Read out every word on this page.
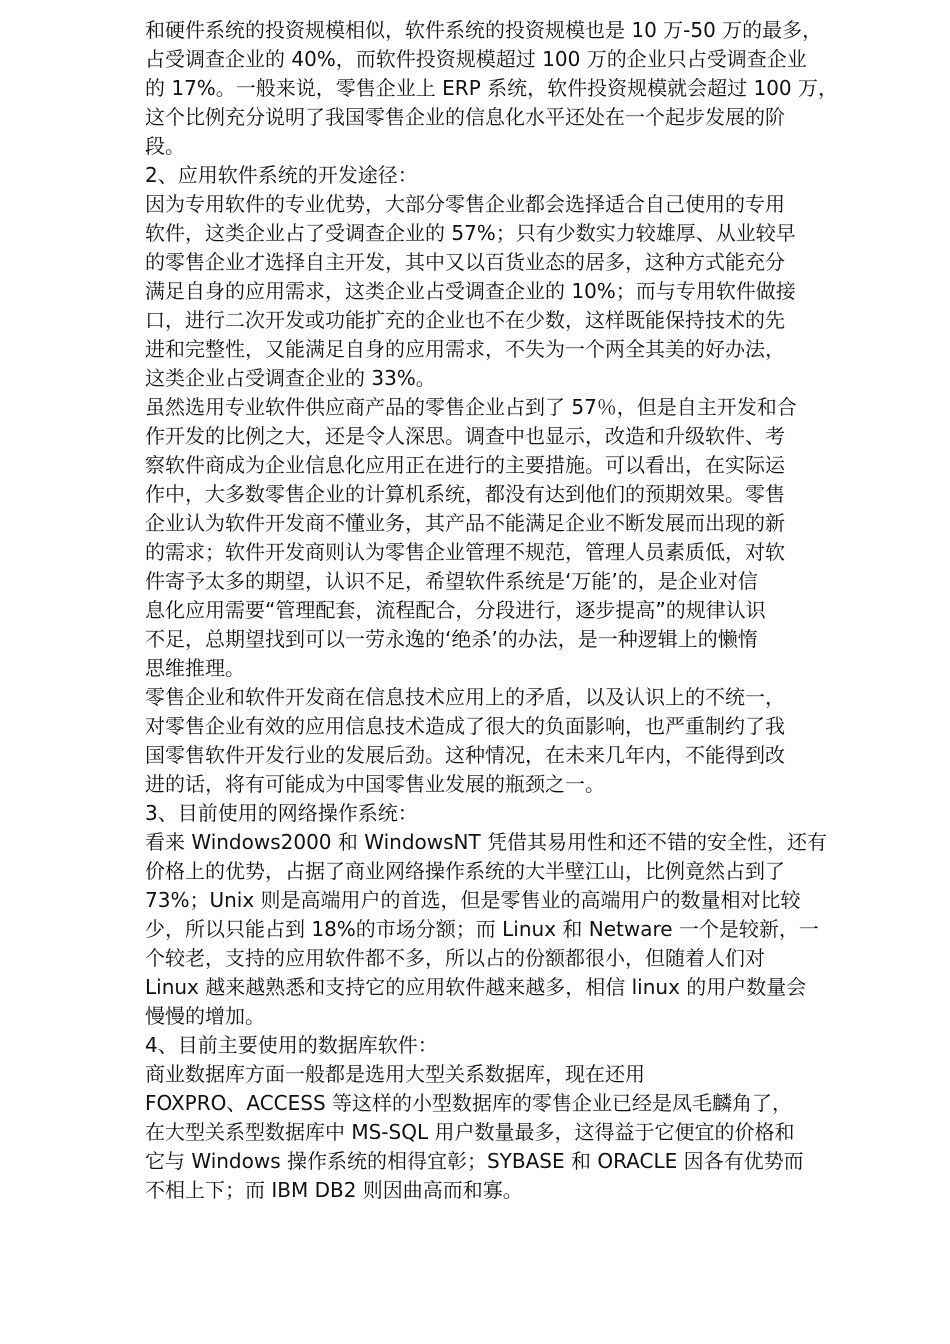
和硬件系统的投资规模相似，软件系统的投资规模也是 10 万-50 万的最多，
占受调查企业的 40%，而软件投资规模超过 100 万的企业只占受调查企业
的 17%。一般来说，零售企业上 ERP 系统，软件投资规模就会超过 100 万，
这个比例充分说明了我国零售企业的信息化水平还处在一个起步发展的阶
段。
2、应用软件系统的开发途径：
因为专用软件的专业优势，大部分零售企业都会选择适合自己使用的专用
软件，这类企业占了受调查企业的 57%；只有少数实力较雄厚、从业较早
的零售企业才选择自主开发，其中又以百货业态的居多，这种方式能充分
满足自身的应用需求，这类企业占受调查企业的 10%；而与专用软件做接
口，进行二次开发或功能扩充的企业也不在少数，这样既能保持技术的先
进和完整性，又能满足自身的应用需求，不失为一个两全其美的好办法，
这类企业占受调查企业的 33%。
虽然选用专业软件供应商产品的零售企业占到了 57％，但是自主开发和合
作开发的比例之大，还是令人深思。调查中也显示，改造和升级软件、考
察软件商成为企业信息化应用正在进行的主要措施。可以看出，在实际运
作中，大多数零售企业的计算机系统，都没有达到他们的预期效果。零售
企业认为软件开发商不懂业务，其产品不能满足企业不断发展而出现的新
的需求；软件开发商则认为零售企业管理不规范，管理人员素质低，对软
件寄予太多的期望，认识不足，希望软件系统是‘万能’的，是企业对信
息化应用需要“管理配套，流程配合，分段进行，逐步提高”的规律认识
不足，总期望找到可以一劳永逸的‘绝杀’的办法，是一种逻辑上的懒惰
思维推理。
零售企业和软件开发商在信息技术应用上的矛盾，以及认识上的不统一，
对零售企业有效的应用信息技术造成了很大的负面影响，也严重制约了我
国零售软件开发行业的发展后劲。这种情况，在未来几年内，不能得到改
进的话，将有可能成为中国零售业发展的瓶颈之一。
3、目前使用的网络操作系统：
看来 Windows2000 和 WindowsNT 凭借其易用性和还不错的安全性，还有
价格上的优势，占据了商业网络操作系统的大半壁江山，比例竟然占到了
73%；Unix 则是高端用户的首选，但是零售业的高端用户的数量相对比较
少，所以只能占到 18%的市场分额；而 Linux 和 Netware 一个是较新，一
个较老，支持的应用软件都不多，所以占的份额都很小，但随着人们对
Linux 越来越熟悉和支持它的应用软件越来越多，相信 linux 的用户数量会
慢慢的增加。
4、目前主要使用的数据库软件：
商业数据库方面一般都是选用大型关系数据库，现在还用
FOXPRO、ACCESS 等这样的小型数据库的零售企业已经是凤毛麟角了，
在大型关系型数据库中 MS-SQL 用户数量最多，这得益于它便宜的价格和
它与 Windows 操作系统的相得宜彰；SYBASE 和 ORACLE 因各有优势而
不相上下；而 IBM DB2 则因曲高而和寡。
